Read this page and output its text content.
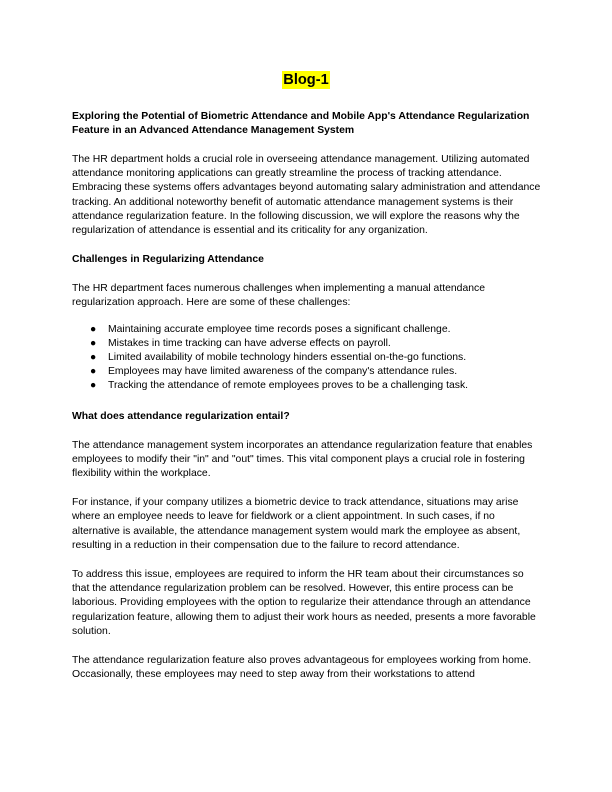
Blog-1
Exploring the Potential of Biometric Attendance and Mobile App's Attendance Regularization Feature in an Advanced Attendance Management System
The HR department holds a crucial role in overseeing attendance management. Utilizing automated attendance monitoring applications can greatly streamline the process of tracking attendance. Embracing these systems offers advantages beyond automating salary administration and attendance tracking. An additional noteworthy benefit of automatic attendance management systems is their attendance regularization feature. In the following discussion, we will explore the reasons why the regularization of attendance is essential and its criticality for any organization.
Challenges in Regularizing Attendance
The HR department faces numerous challenges when implementing a manual attendance regularization approach. Here are some of these challenges:
● Maintaining accurate employee time records poses a significant challenge.
● Mistakes in time tracking can have adverse effects on payroll.
● Limited availability of mobile technology hinders essential on-the-go functions.
● Employees may have limited awareness of the company's attendance rules.
● Tracking the attendance of remote employees proves to be a challenging task.
What does attendance regularization entail?
The attendance management system incorporates an attendance regularization feature that enables employees to modify their "in" and "out" times. This vital component plays a crucial role in fostering flexibility within the workplace.
For instance, if your company utilizes a biometric device to track attendance, situations may arise where an employee needs to leave for fieldwork or a client appointment. In such cases, if no alternative is available, the attendance management system would mark the employee as absent, resulting in a reduction in their compensation due to the failure to record attendance.
To address this issue, employees are required to inform the HR team about their circumstances so that the attendance regularization problem can be resolved. However, this entire process can be laborious. Providing employees with the option to regularize their attendance through an attendance regularization feature, allowing them to adjust their work hours as needed, presents a more favorable solution.
The attendance regularization feature also proves advantageous for employees working from home. Occasionally, these employees may need to step away from their workstations to attend
